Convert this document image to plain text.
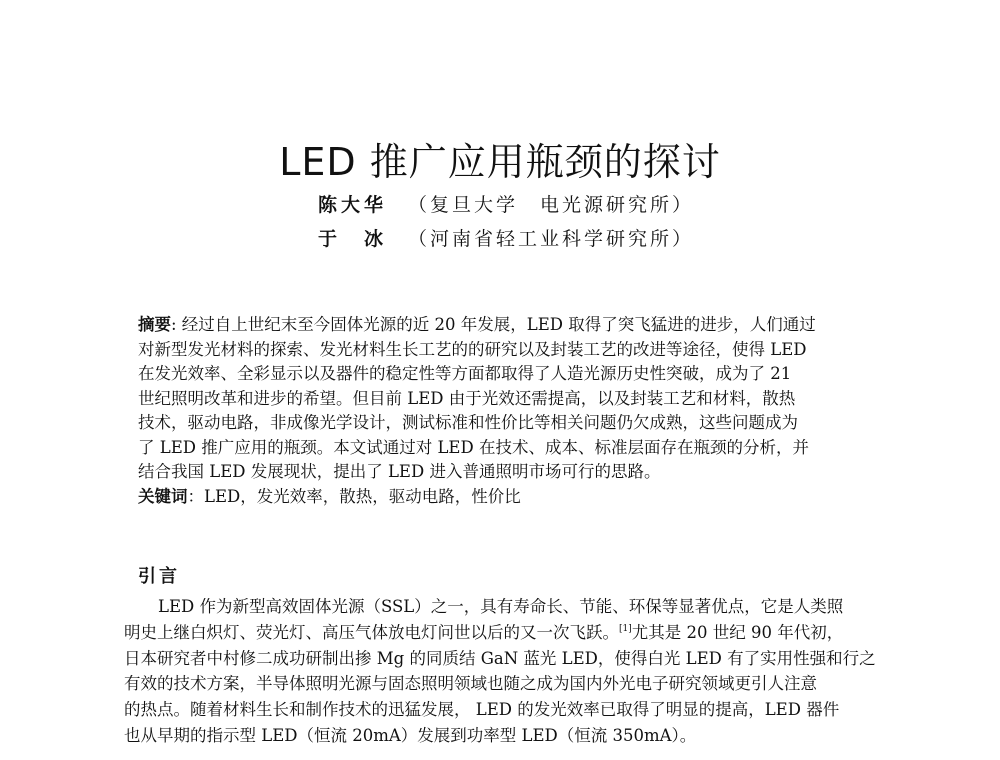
LED 推广应用瓶颈的探讨
陈大华	（复旦大学　电光源研究所）
于　冰	（河南省轻工业科学研究所）
摘要: 经过自上世纪末至今固体光源的近 20 年发展，LED 取得了突飞猛进的进步，人们通过
对新型发光材料的探索、发光材料生长工艺的的研究以及封装工艺的改进等途径，使得 LED
在发光效率、全彩显示以及器件的稳定性等方面都取得了人造光源历史性突破，成为了 21
世纪照明改革和进步的希望。但目前 LED 由于光效还需提高，以及封装工艺和材料，散热
技术，驱动电路，非成像光学设计，测试标准和性价比等相关问题仍欠成熟，这些问题成为
了 LED 推广应用的瓶颈。本文试通过对 LED 在技术、成本、标准层面存在瓶颈的分析，并
结合我国 LED 发展现状，提出了 LED 进入普通照明市场可行的思路。
关键词：LED，发光效率，散热，驱动电路，性价比
引言
LED 作为新型高效固体光源（SSL）之一，具有寿命长、节能、环保等显著优点，它是人类照
明史上继白炽灯、荧光灯、高压气体放电灯问世以后的又一次飞跃。[1]尤其是 20 世纪 90 年代初，
日本研究者中村修二成功研制出掺 Mg 的同质结 GaN 蓝光 LED，使得白光 LED 有了实用性强和行之
有效的技术方案，半导体照明光源与固态照明领域也随之成为国内外光电子研究领域更引人注意
的热点。随着材料生长和制作技术的迅猛发展， LED 的发光效率已取得了明显的提高，LED 器件
也从早期的指示型 LED（恒流 20mA）发展到功率型 LED（恒流 350mA）。
